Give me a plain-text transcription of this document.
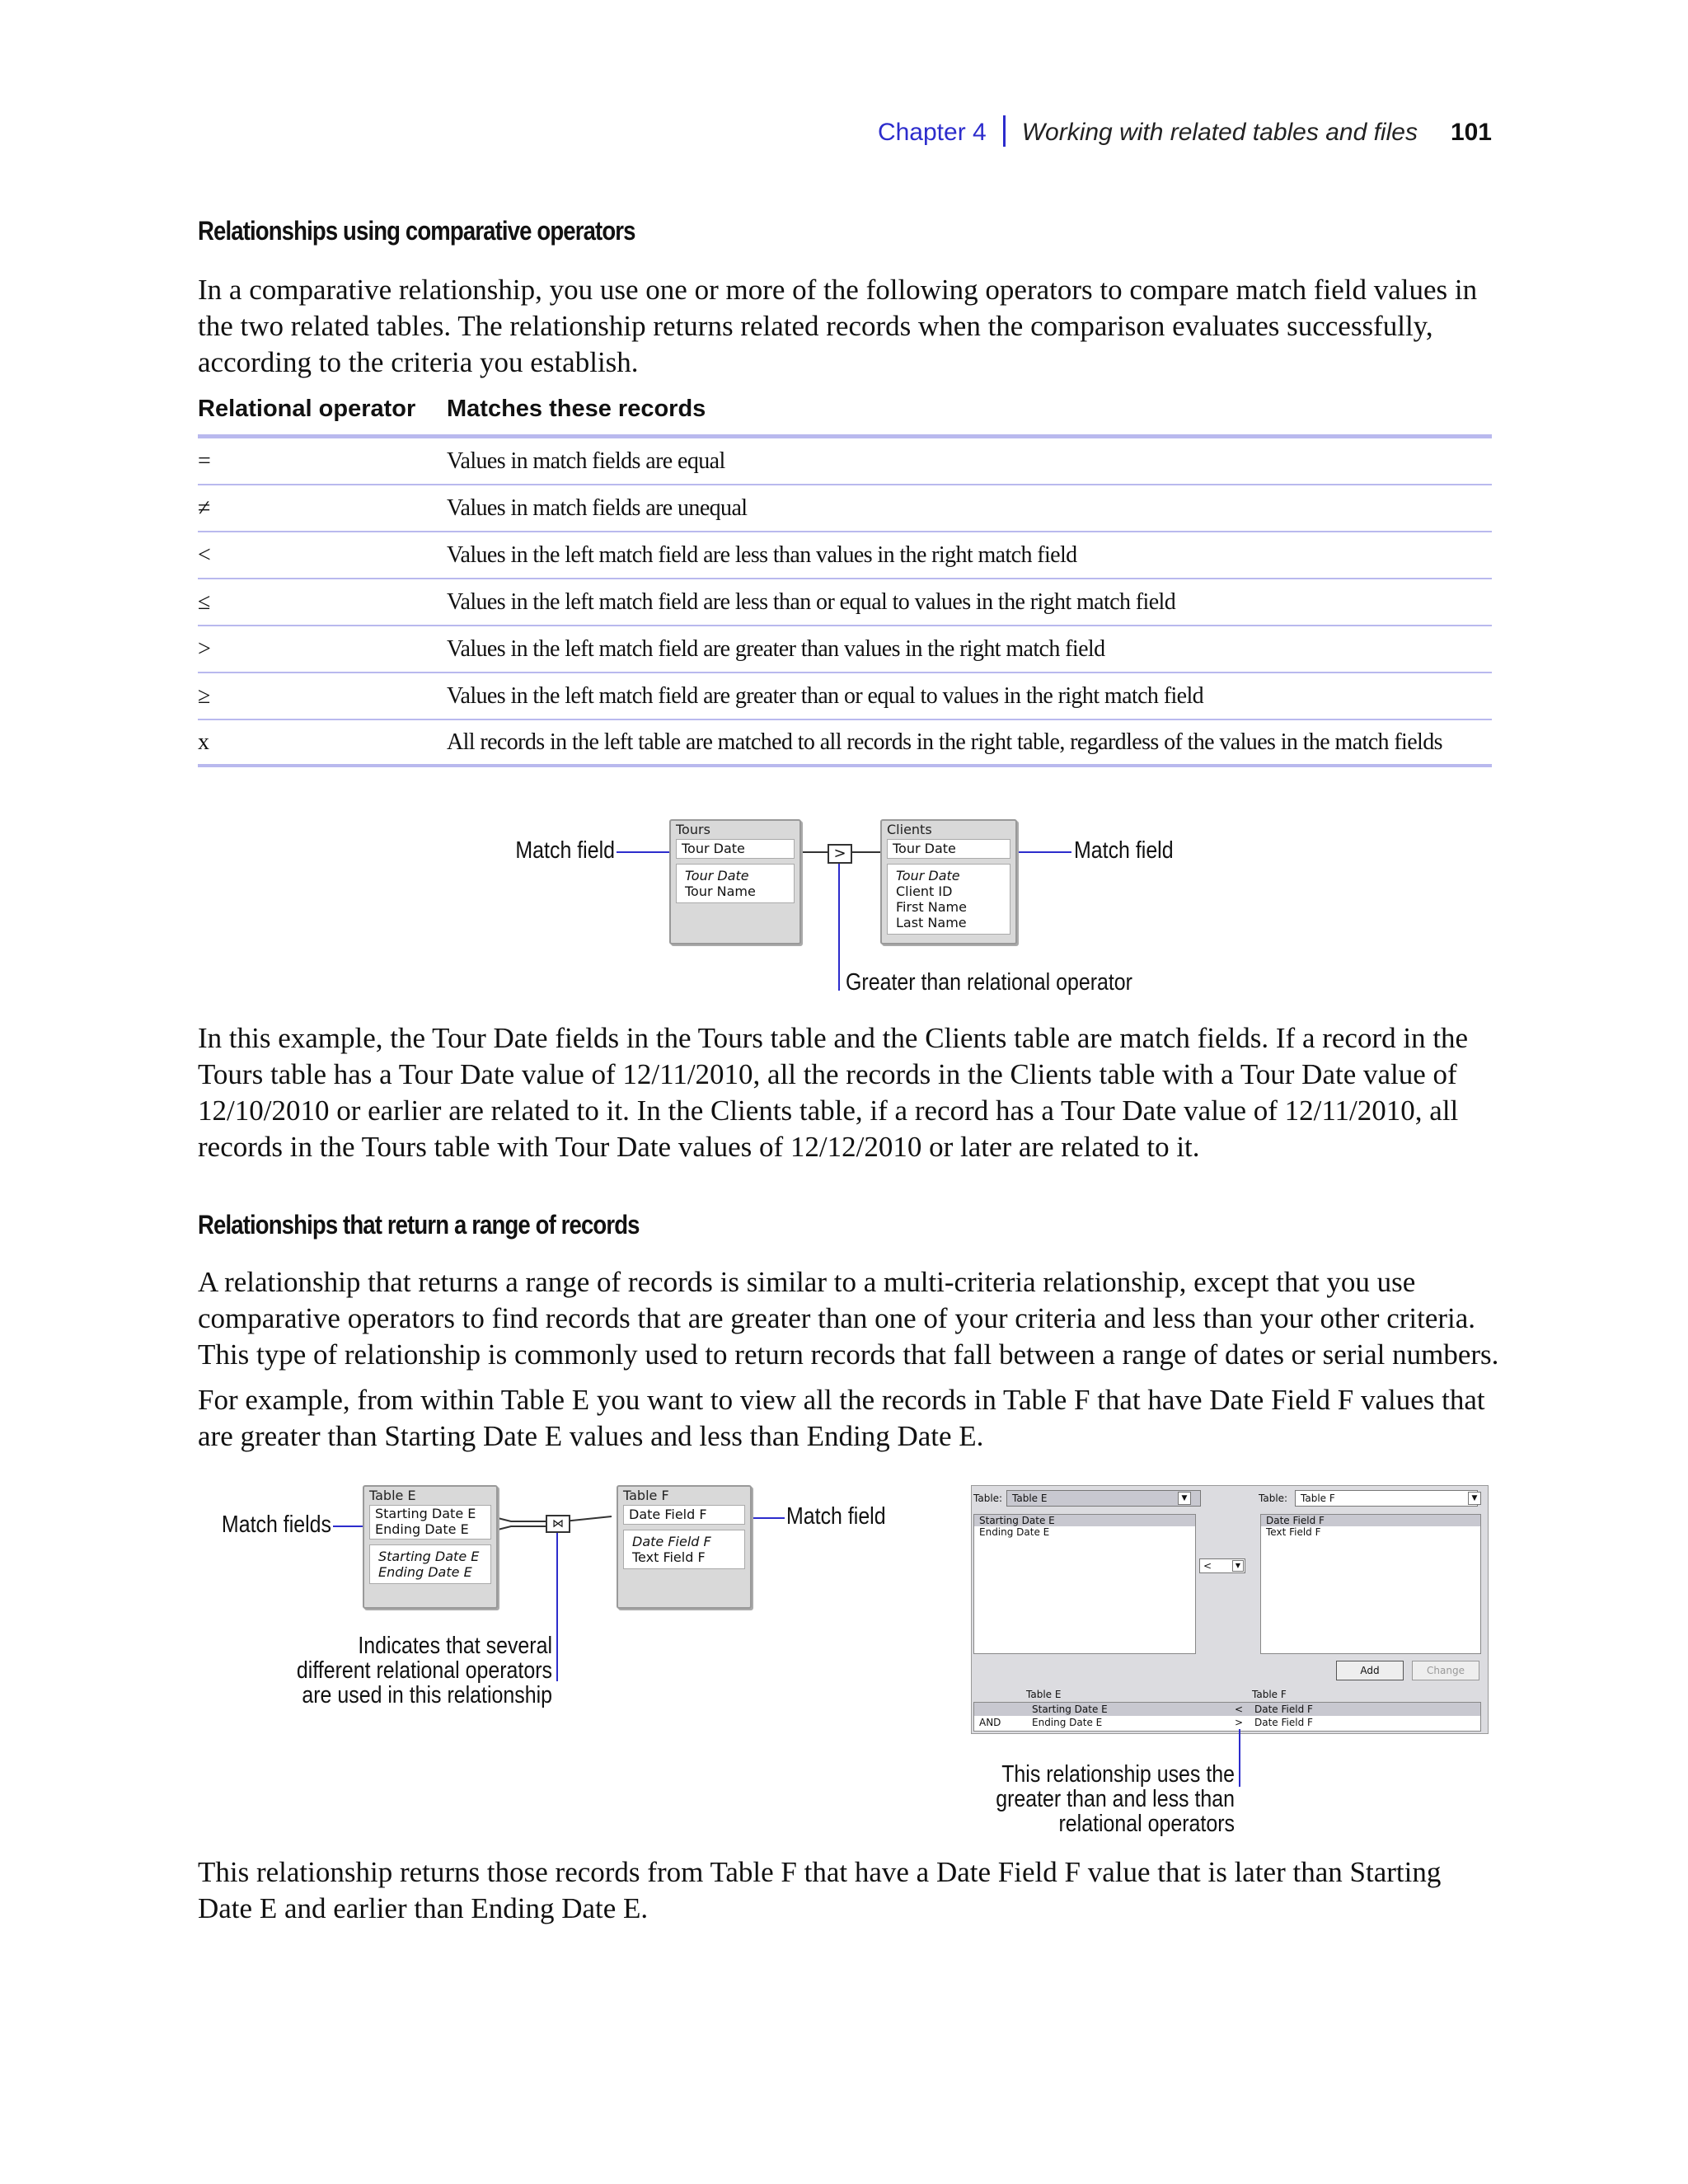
Chapter 4 Working with related tables and files 101
Relationships using comparative operators

In a comparative relationship, you use one or more of the following operators to compare match field values in the two related tables. The relationship returns related records when the comparison evaluates successfully, according to the criteria you establish.

Relational operator	Matches these records
=	Values in match fields are equal
≠	Values in match fields are unequal
<	Values in the left match field are less than values in the right match field
≤	Values in the left match field are less than or equal to values in the right match field
>	Values in the left match field are greater than values in the right match field
≥	Values in the left match field are greater than or equal to values in the right match field
x	All records in the left table are matched to all records in the right table, regardless of the values in the match fields
Match field	Match field
Greater than relational operator
Tours
Tour Date
Tour Date
Tour Name
>
Clients
Tour Date
Tour Date
Client ID
First Name
Last Name

In this example, the Tour Date fields in the Tours table and the Clients table are match fields. If a record in the Tours table has a Tour Date value of 12/11/2010, all the records in the Clients table with a Tour Date value of 12/10/2010 or earlier are related to it. In the Clients table, if a record has a Tour Date value of 12/11/2010, all records in the Tours table with Tour Date values of 12/12/2010 or later are related to it.

Relationships that return a range of records

A relationship that returns a range of records is similar to a multi-criteria relationship, except that you use comparative operators to find records that are greater than one of your criteria and less than your other criteria. This type of relationship is commonly used to return records that fall between a range of dates or serial numbers.

For example, from within Table E you want to view all the records in Table F that have Date Field F values that are greater than Starting Date E values and less than Ending Date E.

Match fields	Match field
Indicates that several different relational operators are used in this relationship
Table E
Starting Date E
Ending Date E
Starting Date E
Ending Date E
⋈
Table F
Date Field F
Date Field F
Text Field F
Table: Table E	▼	Table:	Table F	▼
Starting Date E
Ending Date E
<	▼
Date Field F
Text Field F
Add	Change
Table E	Table F
Starting Date E	<	Date Field F
AND	Ending Date E	>	Date Field F
This relationship uses the greater than and less than relational operators

This relationship returns those records from Table F that have a Date Field F value that is later than Starting Date E and earlier than Ending Date E.
